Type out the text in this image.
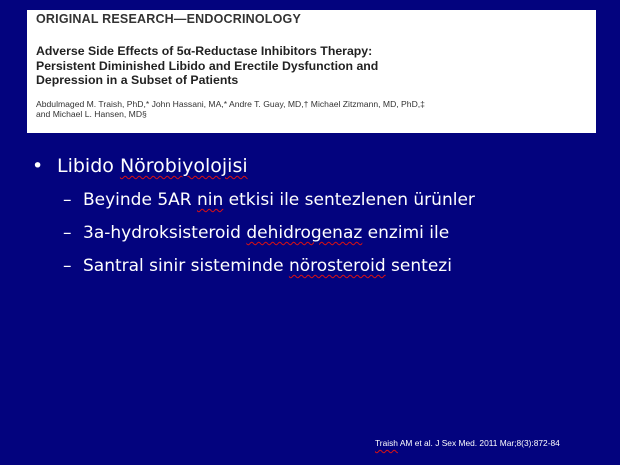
ORIGINAL RESEARCH—ENDOCRINOLOGY
Adverse Side Effects of 5α-Reductase Inhibitors Therapy:
Persistent Diminished Libido and Erectile Dysfunction and
Depression in a Subset of Patients
Abdulmaged M. Traish, PhD,* John Hassani, MA,* Andre T. Guay, MD,† Michael Zitzmann, MD, PhD,‡
and Michael L. Hansen, MD§
• Libido Nörobiyolojisi
– Beyinde 5AR nin etkisi ile sentezlenen ürünler
– 3a-hydroksisteroid dehidrogenaz enzimi ile
– Santral sinir sisteminde nörosteroid sentezi
Traish AM et al. J Sex Med. 2011 Mar;8(3):872-84
